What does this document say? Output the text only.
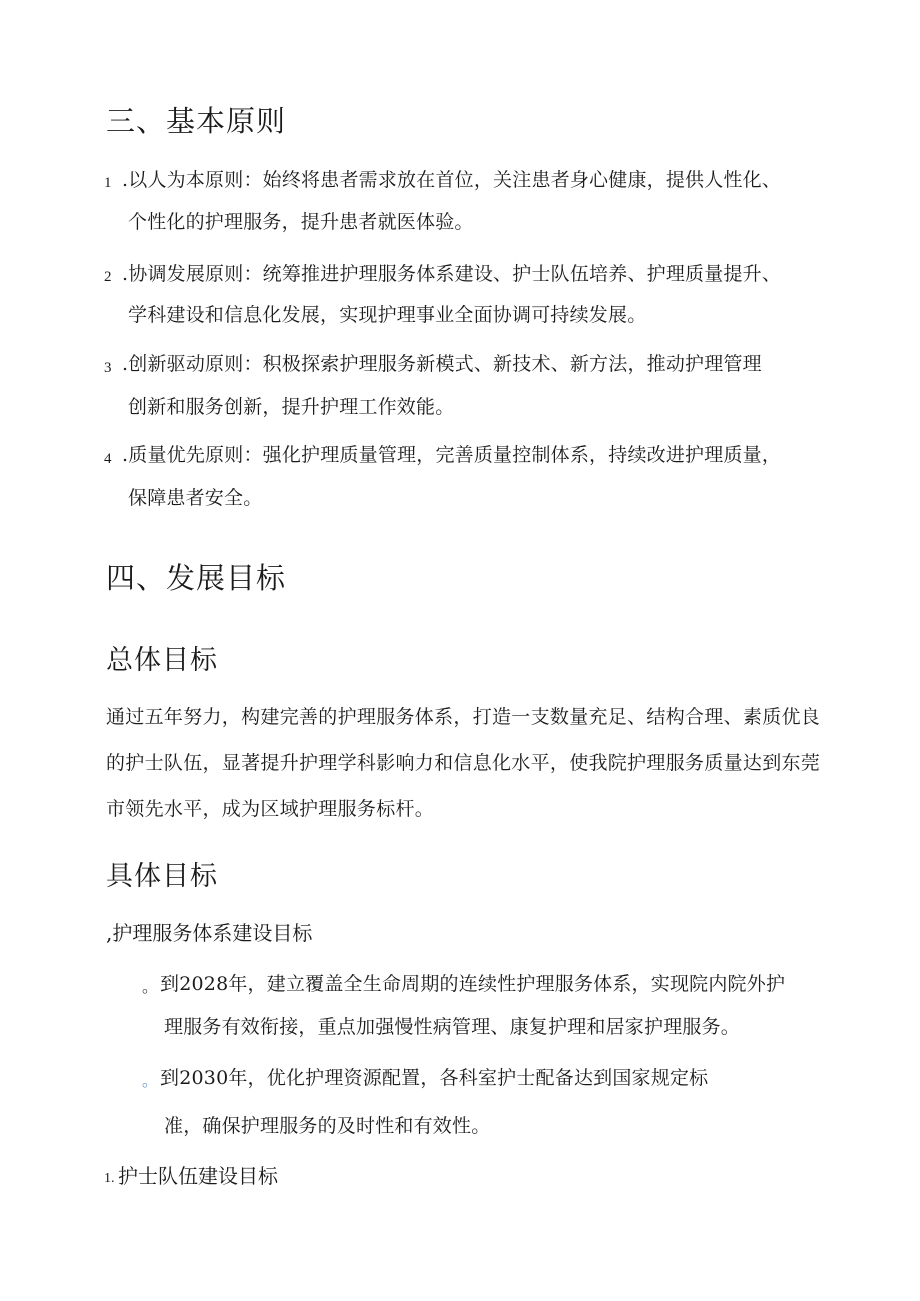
三、基本原则
1 .以人为本原则：始终将患者需求放在首位，关注患者身心健康，提供人性化、
个性化的护理服务，提升患者就医体验。
2 .协调发展原则：统筹推进护理服务体系建设、护士队伍培养、护理质量提升、
学科建设和信息化发展，实现护理事业全面协调可持续发展。
3 .创新驱动原则：积极探索护理服务新模式、新技术、新方法，推动护理管理
创新和服务创新，提升护理工作效能。
4 .质量优先原则：强化护理质量管理，完善质量控制体系，持续改进护理质量，
保障患者安全。
四、发展目标
总体目标
通过五年努力，构建完善的护理服务体系，打造一支数量充足、结构合理、素质优良的护士队伍，显著提升护理学科影响力和信息化水平，使我院护理服务质量达到东莞市领先水平，成为区域护理服务标杆。
具体目标
,护理服务体系建设目标
。 到2028年，建立覆盖全生命周期的连续性护理服务体系，实现院内院外护
理服务有效衔接，重点加强慢性病管理、康复护理和居家护理服务。
。 到2030年，优化护理资源配置，各科室护士配备达到国家规定标
准，确保护理服务的及时性和有效性。
1. 护士队伍建设目标
